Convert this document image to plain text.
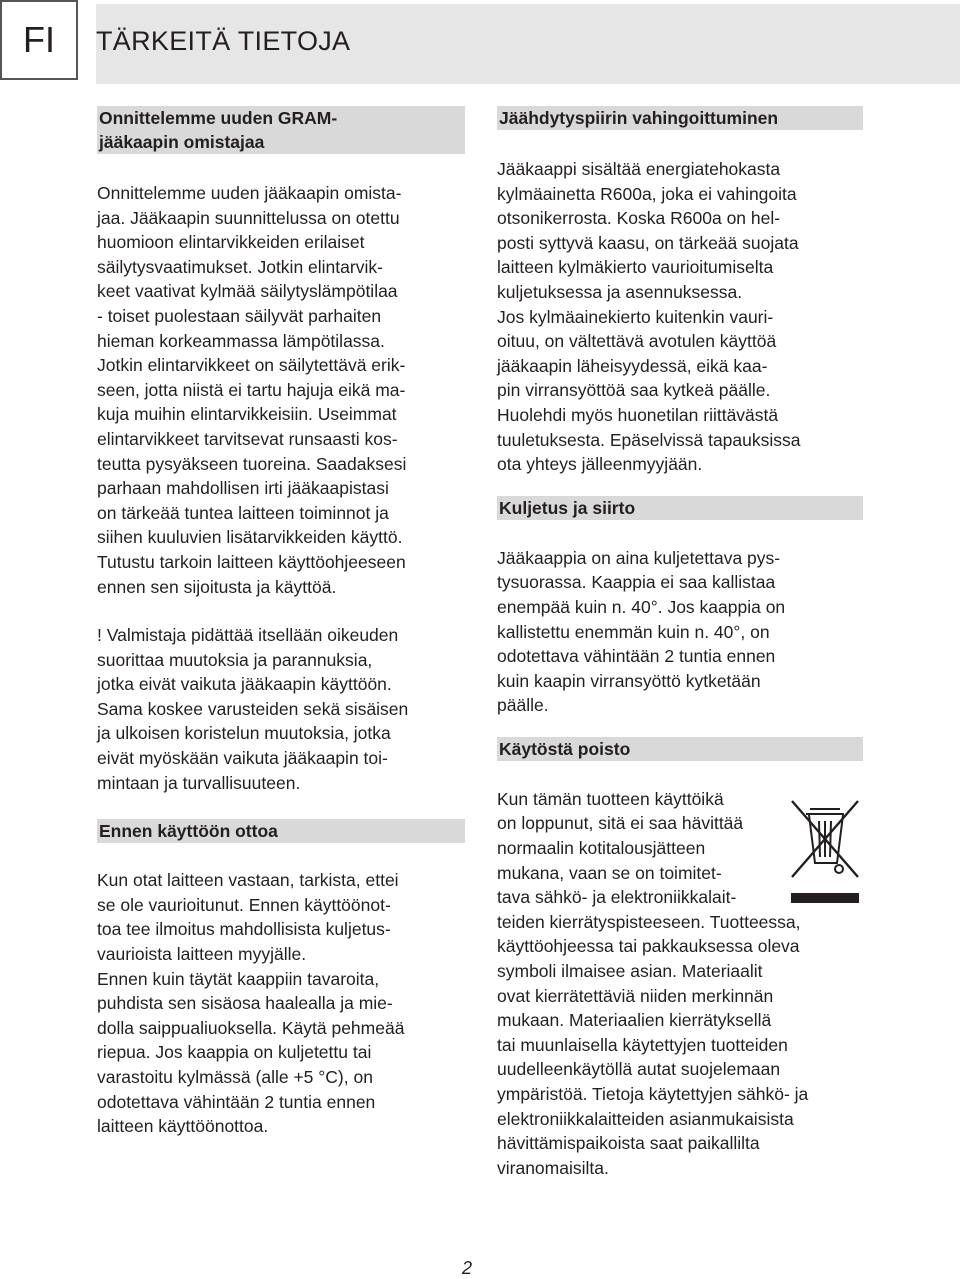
FI	TÄRKEITÄ TIETOJA
Onnittelemme uuden GRAM-
jääkaapin omistajaa

Onnittelemme uuden jääkaapin omista-
jaa. Jääkaapin suunnittelussa on otettu
huomioon elintarvikkeiden erilaiset
säilytysvaatimukset. Jotkin elintarvik-
keet vaativat kylmää säilytyslämpötilaa
- toiset puolestaan säilyvät parhaiten
hieman korkeammassa lämpötilassa.
Jotkin elintarvikkeet on säilytettävä erik-
seen, jotta niistä ei tartu hajuja eikä ma-
kuja muihin elintarvikkeisiin. Useimmat
elintarvikkeet tarvitsevat runsaasti kos-
teutta pysyäkseen tuoreina. Saadaksesi
parhaan mahdollisen irti jääkaapistasi
on tärkeää tuntea laitteen toiminnot ja
siihen kuuluvien lisätarvikkeiden käyttö.
Tutustu tarkoin laitteen käyttöohjeeseen
ennen sen sijoitusta ja käyttöä.

! Valmistaja pidättää itsellään oikeuden
suorittaa muutoksia ja parannuksia,
jotka eivät vaikuta jääkaapin käyttöön.
Sama koskee varusteiden sekä sisäisen
ja ulkoisen koristelun muutoksia, jotka
eivät myöskään vaikuta jääkaapin toi-
mintaan ja turvallisuuteen.

Ennen käyttöön ottoa

Kun otat laitteen vastaan, tarkista, ettei
se ole vaurioitunut. Ennen käyttöönot-
toa tee ilmoitus mahdollisista kuljetus-
vaurioista laitteen myyjälle.
Ennen kuin täytät kaappiin tavaroita,
puhdista sen sisäosa haalealla ja mie-
dolla saippualiuoksella. Käytä pehmeää
riepua. Jos kaappia on kuljetettu tai
varastoitu kylmässä (alle +5 °C), on
odotettava vähintään 2 tuntia ennen
laitteen käyttöönottoa.

Jäähdytyspiirin vahingoittuminen

Jääkaappi sisältää energiatehokasta
kylmäainetta R600a, joka ei vahingoita
otsonikerrosta. Koska R600a on hel-
posti syttyvä kaasu, on tärkeää suojata
laitteen kylmäkierto vaurioitumiselta
kuljetuksessa ja asennuksessa.
Jos kylmäainekierto kuitenkin vauri-
oituu, on vältettävä avotulen käyttöä
jääkaapin läheisyydessä, eikä kaa-
pin virransyöttöä saa kytkeä päälle.
Huolehdi myös huonetilan riittävästä
tuuletuksesta. Epäselvissä tapauksissa
ota yhteys jälleenmyyjään.

Kuljetus ja siirto

Jääkaappia on aina kuljetettava pys-
tysuorassa. Kaappia ei saa kallistaa
enempää kuin n. 40°. Jos kaappia on
kallistettu enemmän kuin n. 40°, on
odotettava vähintään 2 tuntia ennen
kuin kaapin virransyöttö kytketään
päälle.

Käytöstä poisto

Kun tämän tuotteen käyttöikä
on loppunut, sitä ei saa hävittää
normaalin kotitalousjätteen
mukana, vaan se on toimitet-
tava sähkö- ja elektroniikkalait-
teiden kierrätyspisteeseen. Tuotteessa,
käyttöohjeessa tai pakkauksessa oleva
symboli ilmaisee asian. Materiaalit
ovat kierrätettäviä niiden merkinnän
mukaan. Materiaalien kierrätyksellä
tai muunlaisella käytettyjen tuotteiden
uudelleenkäytöllä autat suojelemaan
ympäristöä. Tietoja käytettyjen sähkö- ja
elektroniikkalaitteiden asianmukaisista
hävittämispaikoista saat paikallilta
viranomaisilta.

2
